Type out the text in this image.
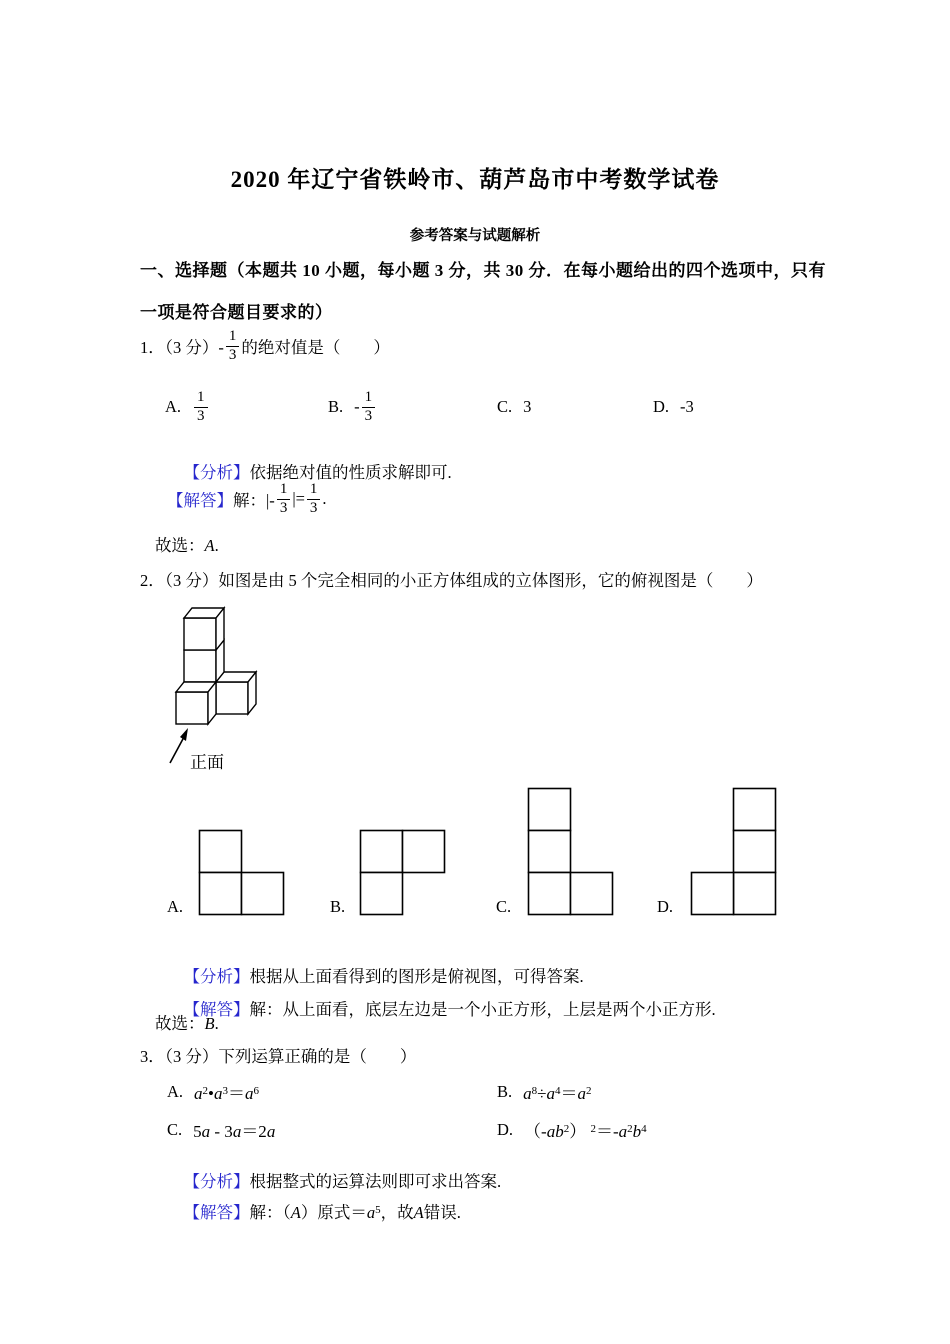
2020 年辽宁省铁岭市、葫芦岛市中考数学试卷
参考答案与试题解析
一、选择题（本题共 10 小题，每小题 3 分，共 30 分．在每小题给出的四个选项中，只有
一项是符合题目要求的）
1．（3 分）- $\frac{1}{3}$ 的绝对值是（　　）
A. $\frac{1}{3}$	B. - $\frac{1}{3}$	C. 3	D. -3

【分析】依据绝对值的性质求解即可.

【解答】 解：|- $\frac{1}{3}$ |= $\frac{1}{3}$ .
故选：A.
2．（3 分）如图是由 5 个完全相同的小正方体组成的立体图形，它的俯视图是（　　）
正面
A.	B.	C.	D.

【分析】根据从上面看得到的图形是俯视图，可得答案.

【解答】解：从上面看，底层左边是一个小正方形，上层是两个小正方形.

故选：B.
3．（3 分）下列运算正确的是（　　）
A. $a^2•a^3=a^6$	B. $a^8\div a^4=a^2$
C. 5a - 3a＝2a	D. $(-ab^2)$ $^2=-a^2b^4$

【分析】根据整式的运算法则即可求出答案.

【解答】解：（A）原式$=a^5$，故A错误.
